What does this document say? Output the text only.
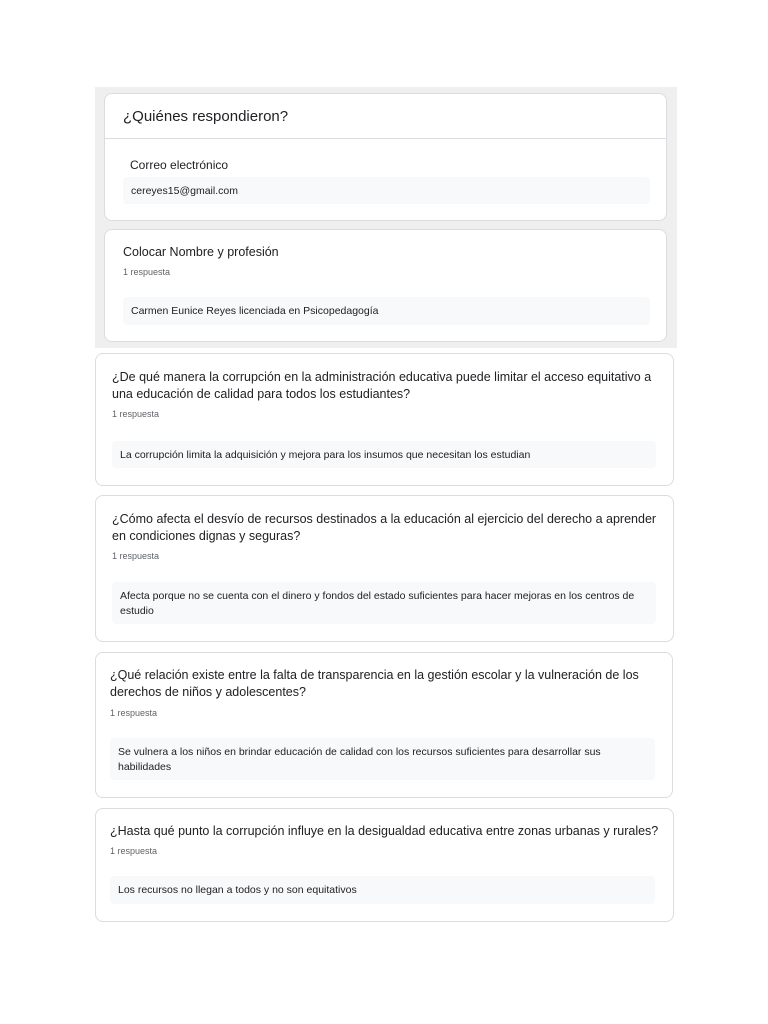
¿Quiénes respondieron?
Correo electrónico
cereyes15@gmail.com
Colocar Nombre y profesión
1 respuesta
Carmen Eunice Reyes licenciada en Psicopedagogía
¿De qué manera la corrupción en la administración educativa puede limitar el acceso equitativo a una educación de calidad para todos los estudiantes?
1 respuesta
La corrupción limita la adquisición y mejora para los insumos que necesitan los estudian
¿Cómo afecta el desvío de recursos destinados a la educación al ejercicio del derecho a aprender en condiciones dignas y seguras?
1 respuesta
Afecta porque no se cuenta con el dinero y fondos del estado suficientes para hacer mejoras en los centros de estudio
¿Qué relación existe entre la falta de transparencia en la gestión escolar y la vulneración de los derechos de niños y adolescentes?
1 respuesta
Se vulnera a los niños en brindar educación de calidad con los recursos suficientes para desarrollar sus habilidades
¿Hasta qué punto la corrupción influye en la desigualdad educativa entre zonas urbanas y rurales?
1 respuesta
Los recursos no llegan a todos y no son equitativos
